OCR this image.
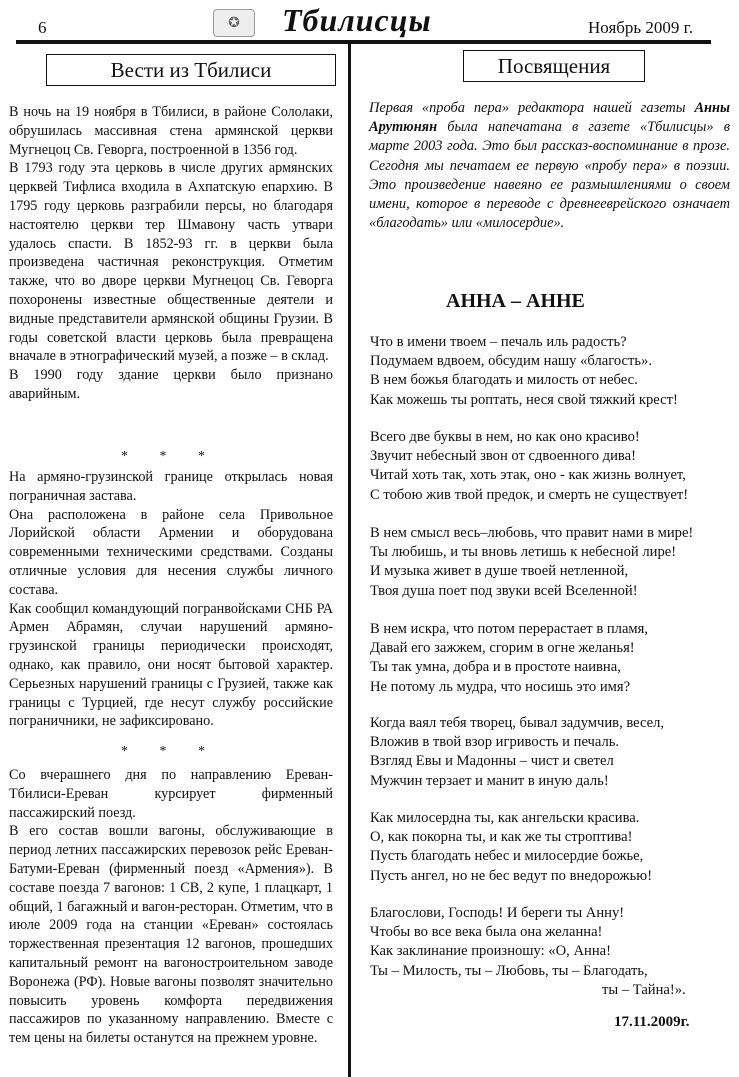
6	✪	Тбилисцы	Ноябрь 2009 г.
Вести из Тбилиси

В ночь на 19 ноября в Тбилиси, в районе Сололаки, обрушилась массивная стена армянской церкви Мугнецоц Св. Геворга, построенной в 1356 год.

В 1793 году эта церковь в числе других армянских церквей Тифлиса входила в Ахпатскую епархию. В 1795 году церковь разграбили персы, но благодаря настоятелю церкви тер Шмавону часть утвари удалось спасти. В 1852-93 гг. в церкви была произведена частичная реконструкция. Отметим также, что во дворе церкви Мугнецоц Св. Геворга похоронены известные общественные деятели и видные представители армянской общины Грузии. В годы советской власти церковь была превращена вначале в этнографический музей, а позже – в склад.

В 1990 году здание церкви было признано аварийным.

* * *

На армяно-грузинской границе открылась новая пограничная застава.

Она расположена в районе села Привольное Лорийской области Армении и оборудована современными техническими средствами. Созданы отличные условия для несения службы личного состава.

Как сообщил командующий погранвойсками СНБ РА Армен Абрамян, случаи нарушений армяно-грузинской границы периодически происходят, однако, как правило, они носят бытовой характер. Серьезных нарушений границы с Грузией, также как границы с Турцией, где несут службу российские пограничники, не зафиксировано.

* * *

Со вчерашнего дня по направлению Ереван-Тбилиси-Ереван курсирует фирменный пассажирский поезд.

В его состав вошли вагоны, обслуживающие в период летних пассажирских перевозок рейс Ереван-Батуми-Ереван (фирменный поезд «Армения»). В составе поезда 7 вагонов: 1 СВ, 2 купе, 1 плацкарт, 1 общий, 1 багажный и вагон-ресторан. Отметим, что в июле 2009 года на станции «Ереван» состоялась торжественная презентация 12 вагонов, прошедших капитальный ремонт на вагоностроительном заводе Воронежа (РФ). Новые вагоны позволят значительно повысить уровень комфорта передвижения пассажиров по указанному направлению. Вместе с тем цены на билеты останутся на прежнем уровне.

Посвящения
Первая «проба пера» редактора нашей газеты Анны Арутюнян была напечатана в газете «Тбилисцы» в марте 2003 года. Это был рассказ-воспоминание в прозе. Сегодня мы печатаем ее первую «пробу пера» в поэзии. Это произведение навеяно ее размышлениями о своем имени, которое в переводе с древнееврейского означает «благодать» или «милосердие».
АННА – АННЕ
Что в имени твоем – печаль иль радость?
Подумаем вдвоем, обсудим нашу «благость».
В нем божья благодать и милость от небес.
Как можешь ты роптать, неся свой тяжкий крест!
Всего две буквы в нем, но как оно красиво!
Звучит небесный звон от сдвоенного дива!
Читай хоть так, хоть этак, оно - как жизнь волнует,
С тобою жив твой предок, и смерть не существует!
В нем смысл весь–любовь, что правит нами в мире!
Ты любишь, и ты вновь летишь к небесной лире!
И музыка живет в душе твоей нетленной,
Твоя душа поет под звуки всей Вселенной!
В нем искра, что потом перерастает в пламя,
Давай его зажжем, сгорим в огне желанья!
Ты так умна, добра и в простоте наивна,
Не потому ль мудра, что носишь это имя?
Когда ваял тебя творец, бывал задумчив, весел,
Вложив в твой взор игривость и печаль.
Взгляд Евы и Мадонны – чист и светел
Мужчин терзает и манит в иную даль!
Как милосердна ты, как ангельски красива.
О, как покорна ты, и как же ты строптива!
Пусть благодать небес и милосердие божье,
Пусть ангел, но не бес ведут по внедорожью!
Благослови, Господь! И береги ты Анну!
Чтобы во все века была она желанна!
Как заклинание произношу: «О, Анна!
Ты – Милость, ты – Любовь, ты – Благодать,
ты – Тайна!».
17.11.2009г.
